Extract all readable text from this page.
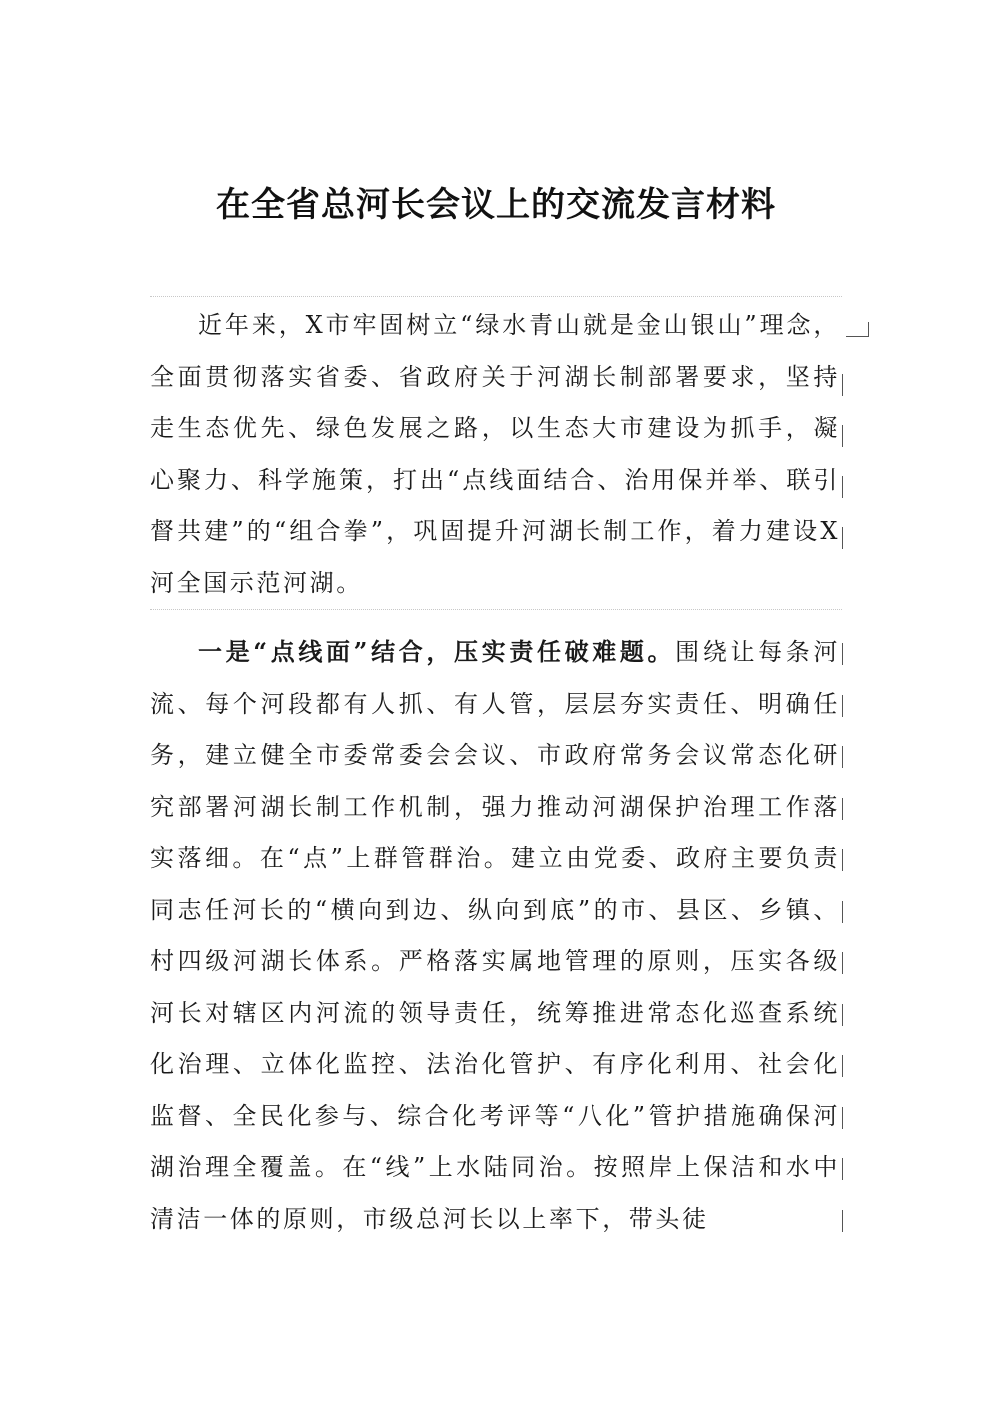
在全省总河长会议上的交流发言材料

近年来，X市牢固树立“绿水青山就是金山银山”理念，全面贯彻落实省委、省政府关于河湖长制部署要求，坚持走生态优先、绿色发展之路，以生态大市建设为抓手，凝心聚力、科学施策，打出“点线面结合、治用保并举、联引督共建”的“组合拳”，巩固提升河湖长制工作，着力建设X河全国示范河湖。

一是“点线面”结合，压实责任破难题。围绕让每条河流、每个河段都有人抓、有人管，层层夯实责任、明确任务，建立健全市委常委会会议、市政府常务会议常态化研究部署河湖长制工作机制，强力推动河湖保护治理工作落实落细。在“点”上群管群治。建立由党委、政府主要负责同志任河长的“横向到边、纵向到底”的市、县区、乡镇、村四级河湖长体系。严格落实属地管理的原则，压实各级河长对辖区内河流的领导责任，统筹推进常态化巡查系统化治理、立体化监控、法治化管护、有序化利用、社会化监督、全民化参与、综合化考评等“八化”管护措施确保河湖治理全覆盖。在“线”上水陆同治。按照岸上保洁和水中清洁一体的原则，市级总河长以上率下，带头徒
